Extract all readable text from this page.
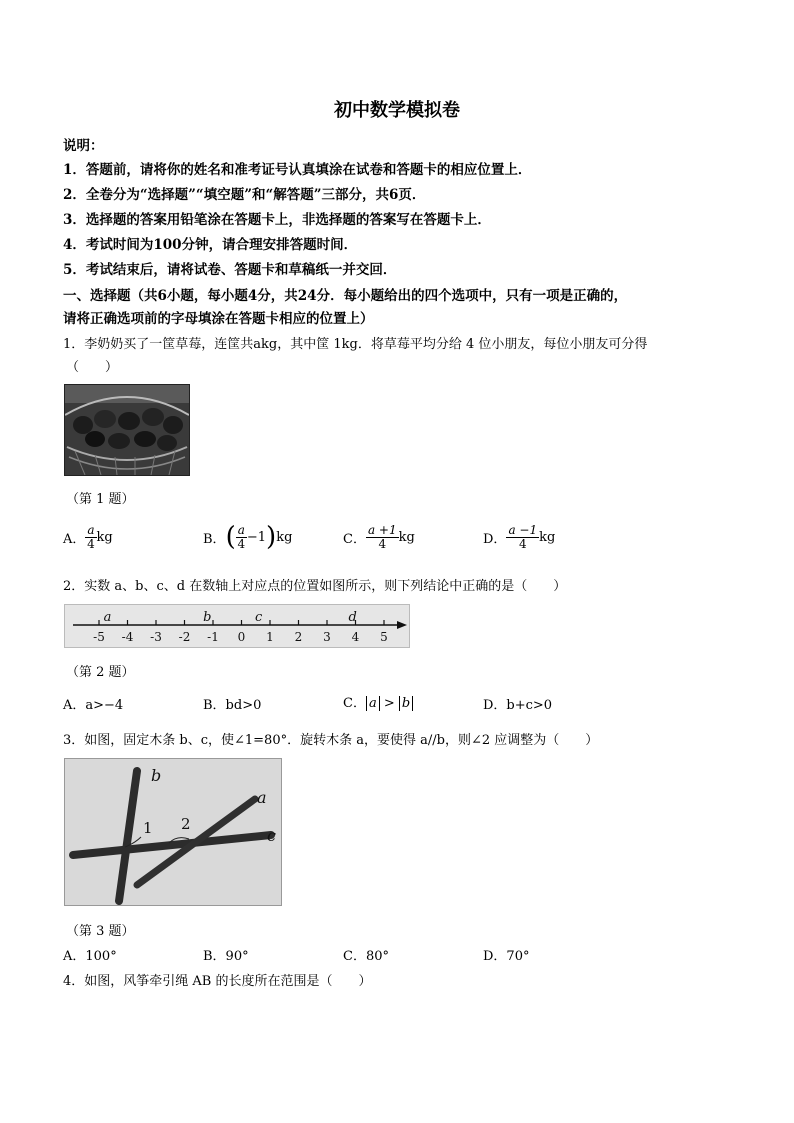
初中数学模拟卷
说明：
1．答题前，请将你的姓名和准考证号认真填涂在试卷和答题卡的相应位置上．
2．全卷分为“选择题”“填空题”和“解答题”三部分，共6页．
3．选择题的答案用铅笔涂在答题卡上，非选择题的答案写在答题卡上．
4．考试时间为100分钟，请合理安排答题时间．
5．考试结束后，请将试卷、答题卡和草稿纸一并交回．
一、选择题（共6小题，每小题4分，共24分．每小题给出的四个选项中，只有一项是正确的，
请将正确选项前的字母填涂在答题卡相应的位置上）
1．李奶奶买了一筐草莓，连筐共akg，其中筐 1kg．将草莓平均分给 4 位小朋友，每位小朋友可分得
（　　）
（第 1 题）
A． $\frac{a}{4}$ kg	B． ( $\frac{a}{4} -1$ ) kg	C． $\frac{a +1}{4}$ kg	D． $\frac{a -1}{4}$ kg
2．实数 a、b、c、d 在数轴上对应点的位置如图所示，则下列结论中正确的是（　　）
-5 -4 -3 -2 -1 0 1 2 3 4 5
a	b	c	d
（第 2 题）
A．a>−4	B．bd>0	C． a > b	D．b+c>0
3．如图，固定木条 b、c，使∠1=80°．旋转木条 a，要使得 a//b，则∠2 应调整为（　　）
b
a
c
1 2
（第 3 题）
A．100°	B．90°	C．80°	D．70°
4．如图，风筝牵引绳 AB 的长度所在范围是（　　）
